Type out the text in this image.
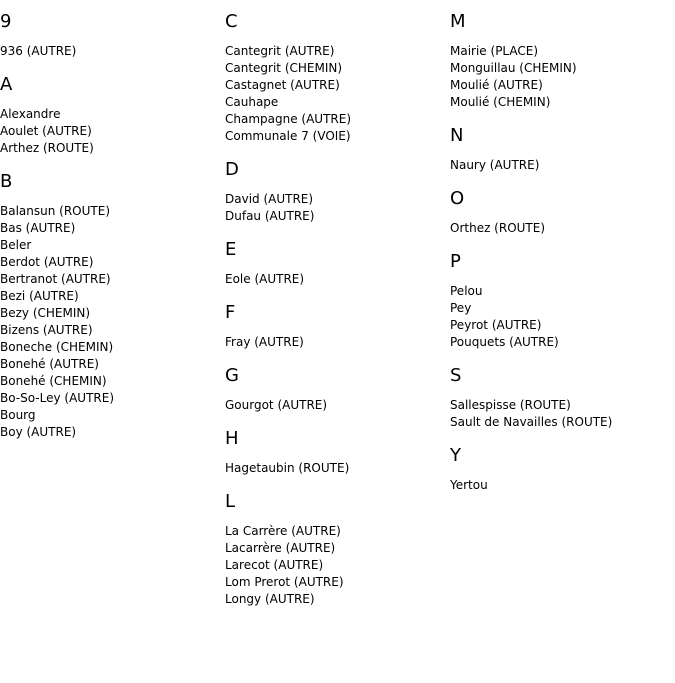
9
936 (AUTRE)
A
Alexandre
Aoulet (AUTRE)
Arthez (ROUTE)
B
Balansun (ROUTE)
Bas (AUTRE)
Beler
Berdot (AUTRE)
Bertranot (AUTRE)
Bezi (AUTRE)
Bezy (CHEMIN)
Bizens (AUTRE)
Boneche (CHEMIN)
Bonehé (AUTRE)
Bonehé (CHEMIN)
Bo-So-Ley (AUTRE)
Bourg
Boy (AUTRE)
C
Cantegrit (AUTRE)
Cantegrit (CHEMIN)
Castagnet (AUTRE)
Cauhape
Champagne (AUTRE)
Communale 7 (VOIE)
D
David (AUTRE)
Dufau (AUTRE)
E
Eole (AUTRE)
F
Fray (AUTRE)
G
Gourgot (AUTRE)
H
Hagetaubin (ROUTE)
L
La Carrère (AUTRE)
Lacarrère (AUTRE)
Larecot (AUTRE)
Lom Prerot (AUTRE)
Longy (AUTRE)
M
Mairie (PLACE)
Monguillau (CHEMIN)
Moulié (AUTRE)
Moulié (CHEMIN)
N
Naury (AUTRE)
O
Orthez (ROUTE)
P
Pelou
Pey
Peyrot (AUTRE)
Pouquets (AUTRE)
S
Sallespisse (ROUTE)
Sault de Navailles (ROUTE)
Y
Yertou
